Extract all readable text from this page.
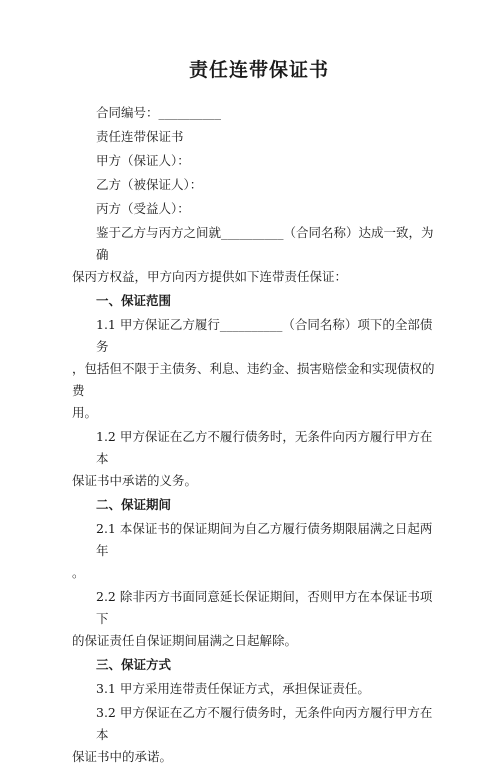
责任连带保证书

合同编号：__________

责任连带保证书

甲方（保证人）：

乙方（被保证人）：

丙方（受益人）：

鉴于乙方与丙方之间就__________（合同名称）达成一致，为确
保丙方权益，甲方向丙方提供如下连带责任保证：

一、保证范围

1.1 甲方保证乙方履行__________（合同名称）项下的全部债务
，包括但不限于主债务、利息、违约金、损害赔偿金和实现债权的费
用。
1.2 甲方保证在乙方不履行债务时，无条件向丙方履行甲方在本
保证书中承诺的义务。

二、保证期间

2.1 本保证书的保证期间为自乙方履行债务期限届满之日起两年
。
2.2 除非丙方书面同意延长保证期间，否则甲方在本保证书项下
的保证责任自保证期间届满之日起解除。

三、保证方式

3.1 甲方采用连带责任保证方式，承担保证责任。
3.2 甲方保证在乙方不履行债务时，无条件向丙方履行甲方在本
保证书中的承诺。
